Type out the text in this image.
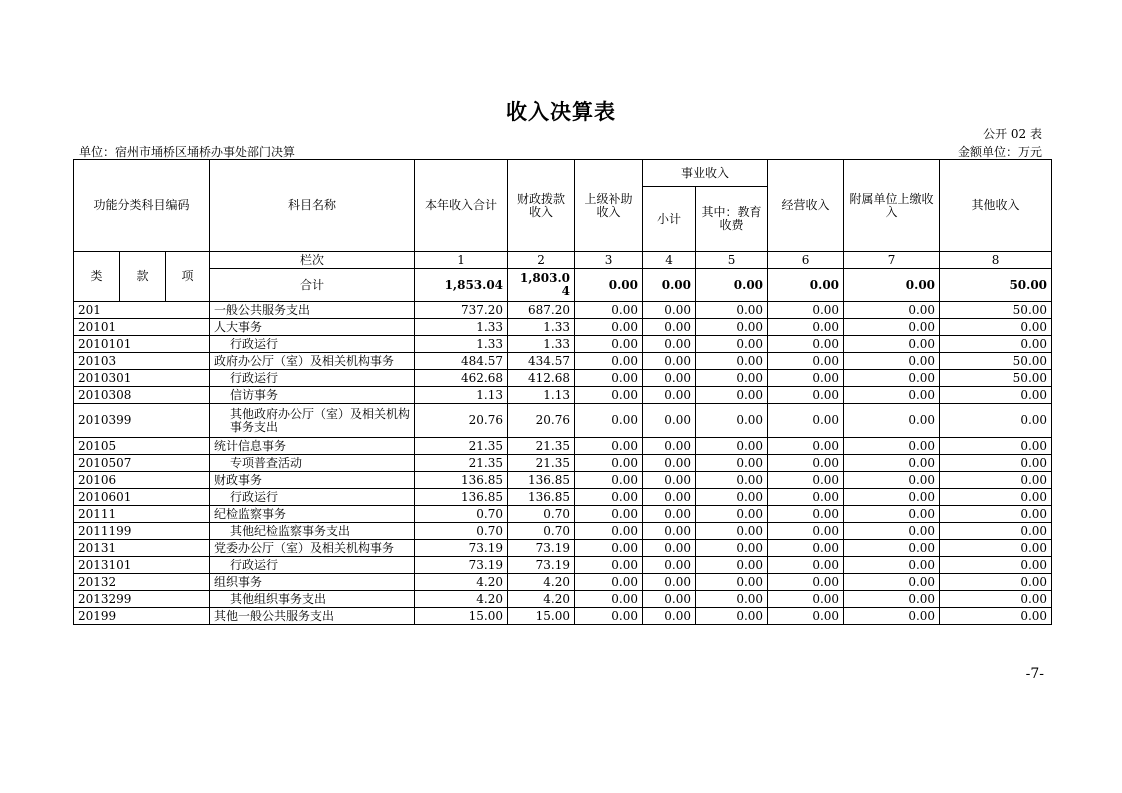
收入决算表
公开 02 表
单位：宿州市埇桥区埇桥办事处部门决算	金额单位：万元
功能分类科目编码			科目名称	本年收入合计	财政拨款收入	上级补助收入	事业收入		经营收入	附属单位上缴收入	其他收入
							小计	其中：教育收费			
类	款	项	栏次	1	2	3	4	5	6	7	8
			合计	1,853.04	1,803.04	0.00	0.00	0.00	0.00	0.00	50.00
201			一般公共服务支出	737.20	687.20	0.00	0.00	0.00	0.00	0.00	50.00
20101			人大事务	1.33	1.33	0.00	0.00	0.00	0.00	0.00	0.00
2010101			行政运行	1.33	1.33	0.00	0.00	0.00	0.00	0.00	0.00
20103			政府办公厅（室）及相关机构事务	484.57	434.57	0.00	0.00	0.00	0.00	0.00	50.00
2010301			行政运行	462.68	412.68	0.00	0.00	0.00	0.00	0.00	50.00
2010308			信访事务	1.13	1.13	0.00	0.00	0.00	0.00	0.00	0.00
2010399			其他政府办公厅（室）及相关机构事务支出	20.76	20.76	0.00	0.00	0.00	0.00	0.00	0.00
20105			统计信息事务	21.35	21.35	0.00	0.00	0.00	0.00	0.00	0.00
2010507			专项普查活动	21.35	21.35	0.00	0.00	0.00	0.00	0.00	0.00
20106			财政事务	136.85	136.85	0.00	0.00	0.00	0.00	0.00	0.00
2010601			行政运行	136.85	136.85	0.00	0.00	0.00	0.00	0.00	0.00
20111			纪检监察事务	0.70	0.70	0.00	0.00	0.00	0.00	0.00	0.00
2011199			其他纪检监察事务支出	0.70	0.70	0.00	0.00	0.00	0.00	0.00	0.00
20131			党委办公厅（室）及相关机构事务	73.19	73.19	0.00	0.00	0.00	0.00	0.00	0.00
2013101			行政运行	73.19	73.19	0.00	0.00	0.00	0.00	0.00	0.00
20132			组织事务	4.20	4.20	0.00	0.00	0.00	0.00	0.00	0.00
2013299			其他组织事务支出	4.20	4.20	0.00	0.00	0.00	0.00	0.00	0.00
20199			其他一般公共服务支出	15.00	15.00	0.00	0.00	0.00	0.00	0.00	0.00
-7-
